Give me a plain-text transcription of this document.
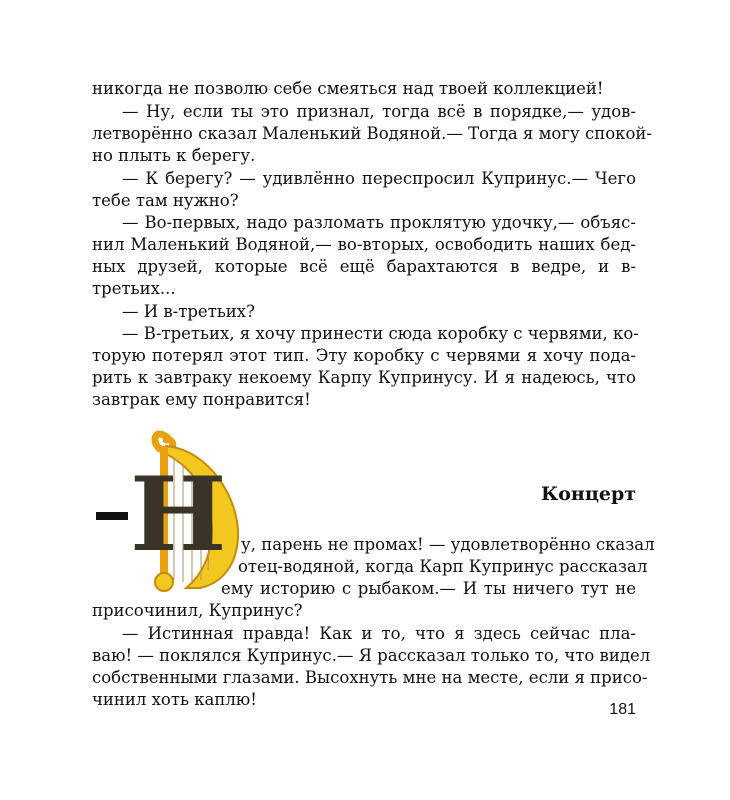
никогда не позволю себе смеяться над твоей коллекцией!
— Ну, если ты это признал, тогда всё в порядке,— удов-
летворённо сказал Маленький Водяной.— Тогда я могу спокой-
но плыть к берегу.
— К берегу? — удивлённо переспросил Купринус.— Чего
тебе там нужно?
— Во-первых, надо разломать проклятую удочку,— объяс-
нил Маленький Водяной,— во-вторых, освободить наших бед-
ных друзей, которые всё ещё барахтаются в ведре, и в-
третьих...
— И в-третьих?
— В-третьих, я хочу принести сюда коробку с червями, ко-
торую потерял этот тип. Эту коробку с червями я хочу пода-
рить к завтраку некоему Карпу Купринусу. И я надеюсь, что
завтрак ему понравится!
Н	Концерт
у, парень не промах! — удовлетворённо сказал
отец-водяной, когда Карп Купринус рассказал
ему историю с рыбаком.— И ты ничего тут не
присочинил, Купринус?
— Истинная правда! Как и то, что я здесь сейчас пла-
ваю! — поклялся Купринус.— Я рассказал только то, что видел
собственными глазами. Высохнуть мне на месте, если я присо-
чинил хоть каплю!
181
